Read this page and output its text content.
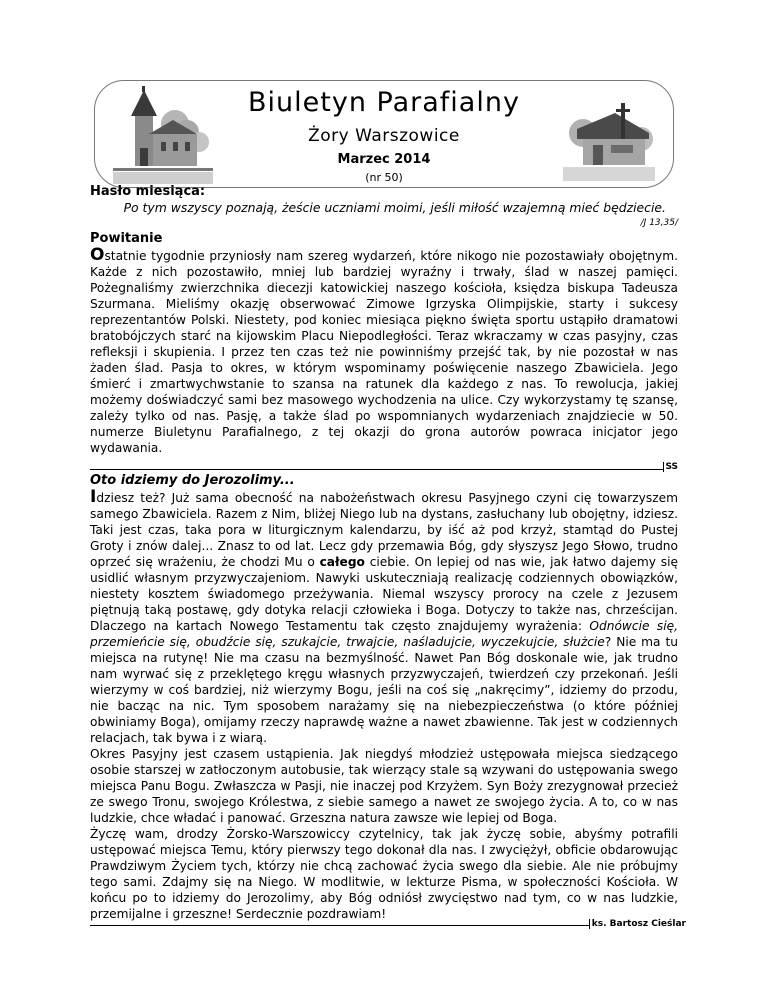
Biuletyn Parafialny
Żory Warszowice
Marzec 2014
(nr 50)
Hasło miesiąca:
Po tym wszyscy poznają, żeście uczniami moimi, jeśli miłość wzajemną mieć będziecie.
/J 13,35/
Powitanie

Ostatnie tygodnie przyniosły nam szereg wydarzeń, które nikogo nie pozostawiały obojętnym. Każde z nich pozostawiło, mniej lub bardziej wyraźny i trwały, ślad w naszej pamięci. Pożegnaliśmy zwierzchnika diecezji katowickiej naszego kościoła, księdza biskupa Tadeusza Szurmana. Mieliśmy okazję obserwować Zimowe Igrzyska Olimpijskie, starty i sukcesy reprezentantów Polski. Niestety, pod koniec miesiąca piękno święta sportu ustąpiło dramatowi bratobójczych starć na kijowskim Placu Niepodległości. Teraz wkraczamy w czas pasyjny, czas refleksji i skupienia. I przez ten czas też nie powinniśmy przejść tak, by nie pozostał w nas żaden ślad. Pasja to okres, w którym wspominamy poświęcenie naszego Zbawiciela. Jego śmierć i zmartwychwstanie to szansa na ratunek dla każdego z nas. To rewolucja, jakiej możemy doświadczyć sami bez masowego wychodzenia na ulice. Czy wykorzystamy tę szansę, zależy tylko od nas. Pasję, a także ślad po wspomnianych wydarzeniach znajdziecie w 50. numerze Biuletynu Parafialnego, z tej okazji do grona autorów powraca inicjator jego wydawania.

SS
Oto idziemy do Jerozolimy...

Idziesz też? Już sama obecność na nabożeństwach okresu Pasyjnego czyni cię towarzyszem samego Zbawiciela. Razem z Nim, bliżej Niego lub na dystans, zasłuchany lub obojętny, idziesz. Taki jest czas, taka pora w liturgicznym kalendarzu, by iść aż pod krzyż, stamtąd do Pustej Groty i znów dalej... Znasz to od lat. Lecz gdy przemawia Bóg, gdy słyszysz Jego Słowo, trudno oprzeć się wrażeniu, że chodzi Mu o całego ciebie. On lepiej od nas wie, jak łatwo dajemy się usidlić własnym przyzwyczajeniom. Nawyki uskuteczniają realizację codziennych obowiązków, niestety kosztem świadomego przeżywania. Niemal wszyscy prorocy na czele z Jezusem piętnują taką postawę, gdy dotyka relacji człowieka i Boga. Dotyczy to także nas, chrześcijan. Dlaczego na kartach Nowego Testamentu tak często znajdujemy wyrażenia: Odnówcie się, przemieńcie się, obudźcie się, szukajcie, trwajcie, naśladujcie, wyczekujcie, służcie? Nie ma tu miejsca na rutynę! Nie ma czasu na bezmyślność. Nawet Pan Bóg doskonale wie, jak trudno nam wyrwać się z przeklętego kręgu własnych przyzwyczajeń, twierdzeń czy przekonań. Jeśli wierzymy w coś bardziej, niż wierzymy Bogu, jeśli na coś się „nakręcimy”, idziemy do przodu, nie bacząc na nic. Tym sposobem narażamy się na niebezpieczeństwa (o które później obwiniamy Boga), omijamy rzeczy naprawdę ważne a nawet zbawienne. Tak jest w codziennych relacjach, tak bywa i z wiarą.

Okres Pasyjny jest czasem ustąpienia. Jak niegdyś młodzież ustępowała miejsca siedzącego osobie starszej w zatłoczonym autobusie, tak wierzący stale są wzywani do ustępowania swego miejsca Panu Bogu. Zwłaszcza w Pasji, nie inaczej pod Krzyżem. Syn Boży zrezygnował przecież ze swego Tronu, swojego Królestwa, z siebie samego a nawet ze swojego życia. A to, co w nas ludzkie, chce władać i panować. Grzeszna natura zawsze wie lepiej od Boga.

Życzę wam, drodzy Żorsko-Warszowiccy czytelnicy, tak jak życzę sobie, abyśmy potrafili ustępować miejsca Temu, który pierwszy tego dokonał dla nas. I zwyciężył, obficie obdarowując Prawdziwym Życiem tych, którzy nie chcą zachować życia swego dla siebie. Ale nie próbujmy tego sami. Zdajmy się na Niego. W modlitwie, w lekturze Pisma, w społeczności Kościoła. W końcu po to idziemy do Jerozolimy, aby Bóg odniósł zwycięstwo nad tym, co w nas ludzkie, przemijalne i grzeszne! Serdecznie pozdrawiam!

ks. Bartosz Cieślar
